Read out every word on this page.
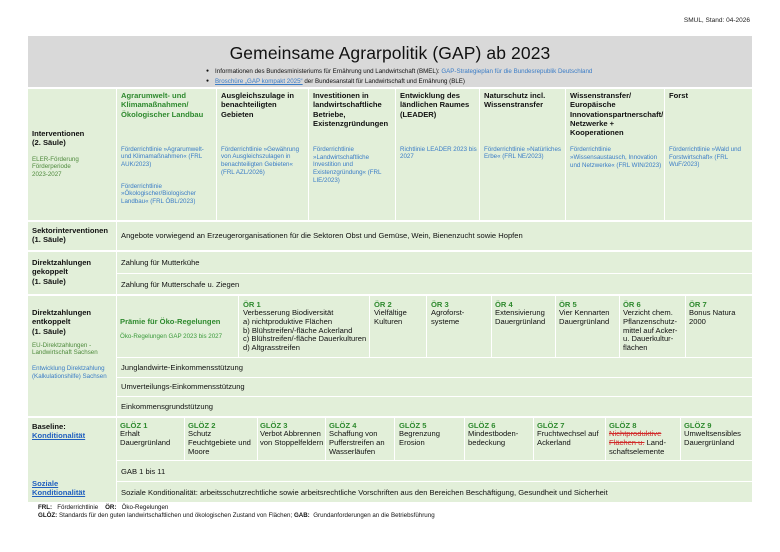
SMUL, Stand: 04-2026
Gemeinsame Agrarpolitik (GAP) ab 2023
● Informationen des Bundesministeriums für Ernährung und Landwirtschaft (BMEL): GAP-Strategieplan für die Bundesrepublik Deutschland
● Broschüre „GAP kompakt 2025“ der Bundesanstalt für Landwirtschaft und Ernährung (BLE)
Interventionen
(2. Säule)
ELER-Förderung
Förderperiode
2023-2027
Agrarumwelt- und Klimamaßnahmen/ Ökologischer Landbau
Förderrichtlinie »Agrarumwelt- und Klimamaßnahmen« (FRL AUK/2023)
Förderrichtlinie »Ökologischer/Biologischer Landbau« (FRL ÖBL/2023)
Ausgleichszulage in benachteiligten Gebieten
Förderrichtlinie »Gewährung von Ausgleichszulagen in benachteiligten Gebieten« (FRL AZL/2026)
Investitionen in landwirtschaftliche Betriebe, Existenzgründungen
Förderrichtlinie »Landwirtschaftliche Investition und Existenzgründung« (FRL LIE/2023)
Entwicklung des ländlichen Raumes (LEADER)
Richtlinie LEADER 2023 bis 2027
Naturschutz incl. Wissenstransfer
Förderrichtlinie »Natürliches Erbe« (FRL NE/2023)
Wissenstransfer/ Europäische Innovationspartnerschaft/ Netzwerke + Kooperationen
Förderrichtlinie »Wissensaustausch, Innovation und Netzwerke« (FRL WIN/2023)
Forst
Förderrichtlinie »Wald und Forstwirtschaft« (FRL WuF/2023)
Sektorinterventionen
(1. Säule)	Angebote vorwiegend an Erzeugerorganisationen für die Sektoren Obst und Gemüse, Wein, Bienenzucht sowie Hopfen
Direktzahlungen
gekoppelt
(1. Säule)
Zahlung für Mutterkühe
Zahlung für Mutterschafe u. Ziegen
Direktzahlungen
entkoppelt
(1. Säule)
EU-Direktzahlungen - Landwirtschaft Sachsen
Entwicklung Direktzahlung (Kalkulationshilfe) Sachsen
Prämie für Öko-Regelungen
Öko-Regelungen GAP 2023 bis 2027
ÖR 1
Verbesserung Biodiversität
a) nichtproduktive Flächen
b) Blühstreifen/-fläche Ackerland
c) Blühstreifen/-fläche Dauerkulturen
d) Altgrasstreifen
ÖR 2
Vielfältige
Kulturen
ÖR 3
Agroforst-
systeme
ÖR 4
Extensivierung
Dauergrünland
ÖR 5
Vier Kennarten
Dauergrünland
ÖR 6
Verzicht chem.
Pflanzenschutz-
mittel auf Acker-
u. Dauerkultur-
flächen
ÖR 7
Bonus Natura
2000
Junglandwirte-Einkommensstützung
Umverteilungs-Einkommensstützung
Einkommensgrundstützung
Baseline:
Konditionalität
Soziale
Konditionalität
GLÖZ 1
Erhalt
Dauergrünland
GLÖZ 2
Schutz
Feuchtgebiete und
Moore
GLÖZ 3
Verbot Abbrennen
von Stoppelfeldern
GLÖZ 4
Schaffung von
Pufferstreifen an
Wasserläufen
GLÖZ 5
Begrenzung
Erosion
GLÖZ 6
Mindestboden-
bedeckung
GLÖZ 7
Fruchtwechsel auf
Ackerland
GLÖZ 8
Nichtproduktive
Flächen u. Land-
schaftselemente
GLÖZ 9
Umweltsensibles
Dauergrünland
GAB 1 bis 11
Soziale Konditionalität: arbeitsschutzrechtliche sowie arbeitsrechtliche Vorschriften aus den Bereichen Beschäftigung, Gesundheit und Sicherheit
FRL: Förderrichtlinie ÖR: Öko-Regelungen
GLÖZ: Standards für den guten landwirtschaftlichen und ökologischen Zustand von Flächen; GAB: Grundanforderungen an die Betriebsführung
